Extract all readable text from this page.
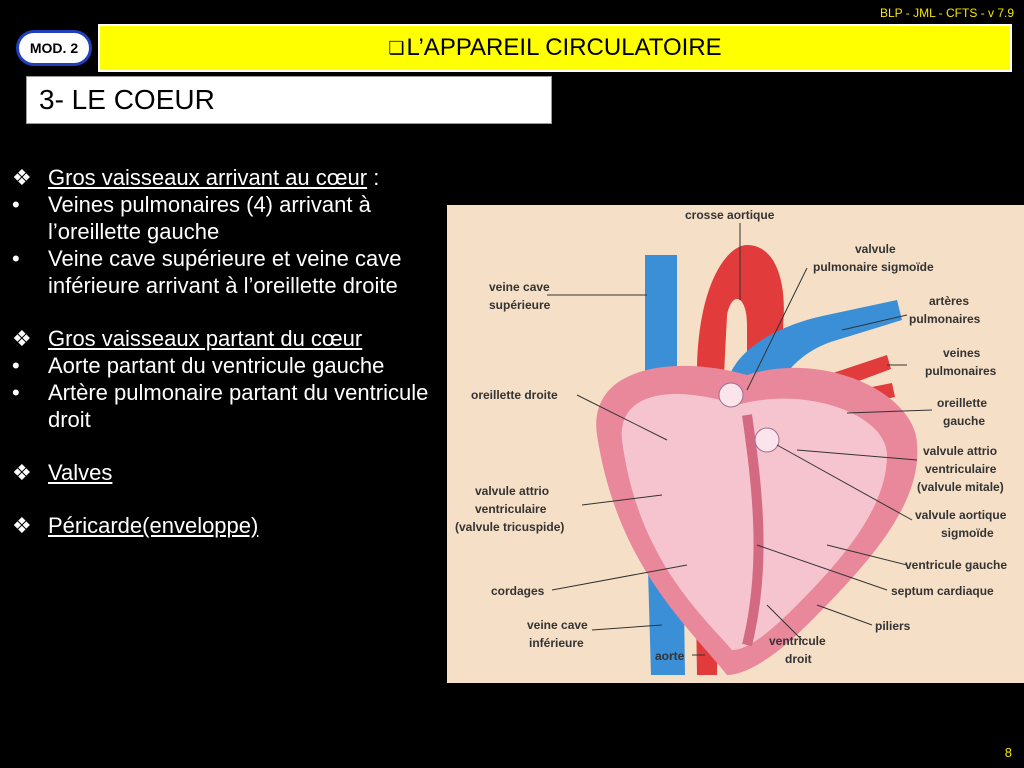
BLP - JML - CFTS - v 7.9
MOD. 2	❑ L’APPAREIL CIRCULATOIRE
3- LE COEUR
❖ Gros vaisseaux arrivant au cœur :
•	Veines pulmonaires (4) arrivant à l’oreillette gauche
•	Veine cave supérieure et veine cave inférieure arrivant à l’oreillette droite
❖ Gros vaisseaux partant du cœur
•	Aorte partant du ventricule gauche
•	Artère pulmonaire partant du ventricule droit
❖ Valves
❖ Péricarde(enveloppe)
crosse aortique
valvule
pulmonaire sigmoïde
veine cave
supérieure	artères
pulmonaires
veines
pulmonaires
oreillette droite
oreillette
gauche
valvule attrio
ventriculaire
(valvule mitale)
valvule attrio
ventriculaire
(valvule tricuspide)
valvule aortique
sigmoïde
ventricule gauche
septum cardiaque
cordages
piliers
veine cave
inférieure
aorte
ventricule
droit
8
